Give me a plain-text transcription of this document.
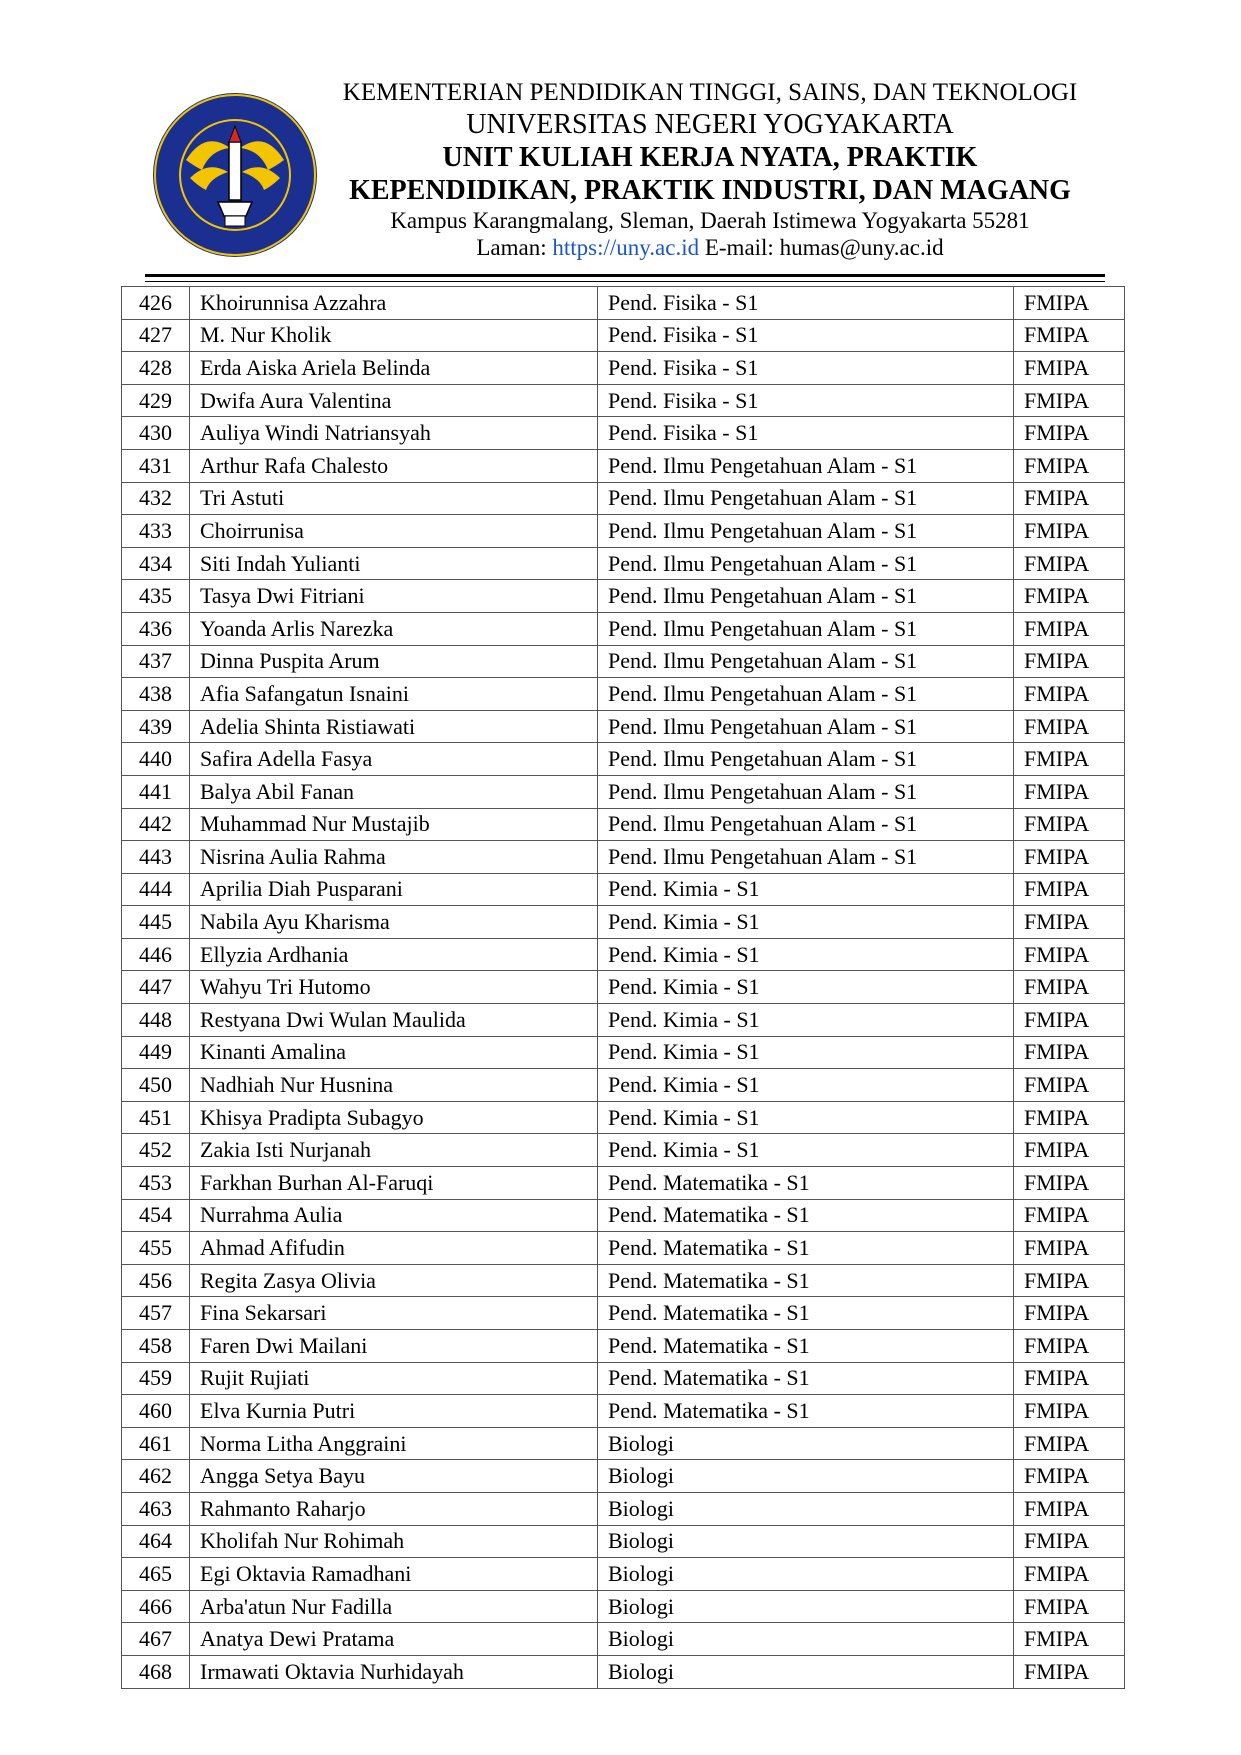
KEMENTERIAN PENDIDIKAN TINGGI, SAINS, DAN TEKNOLOGI
UNIVERSITAS NEGERI YOGYAKARTA
UNIT KULIAH KERJA NYATA, PRAKTIK
KEPENDIDIKAN, PRAKTIK INDUSTRI, DAN MAGANG
Kampus Karangmalang, Sleman, Daerah Istimewa Yogyakarta 55281
Laman: https://uny.ac.id E-mail: humas@uny.ac.id
426	Khoirunnisa Azzahra	Pend. Fisika - S1	FMIPA
427	M. Nur Kholik	Pend. Fisika - S1	FMIPA
428	Erda Aiska Ariela Belinda	Pend. Fisika - S1	FMIPA
429	Dwifa Aura Valentina	Pend. Fisika - S1	FMIPA
430	Auliya Windi Natriansyah	Pend. Fisika - S1	FMIPA
431	Arthur Rafa Chalesto	Pend. Ilmu Pengetahuan Alam - S1	FMIPA
432	Tri Astuti	Pend. Ilmu Pengetahuan Alam - S1	FMIPA
433	Choirrunisa	Pend. Ilmu Pengetahuan Alam - S1	FMIPA
434	Siti Indah Yulianti	Pend. Ilmu Pengetahuan Alam - S1	FMIPA
435	Tasya Dwi Fitriani	Pend. Ilmu Pengetahuan Alam - S1	FMIPA
436	Yoanda Arlis Narezka	Pend. Ilmu Pengetahuan Alam - S1	FMIPA
437	Dinna Puspita Arum	Pend. Ilmu Pengetahuan Alam - S1	FMIPA
438	Afia Safangatun Isnaini	Pend. Ilmu Pengetahuan Alam - S1	FMIPA
439	Adelia Shinta Ristiawati	Pend. Ilmu Pengetahuan Alam - S1	FMIPA
440	Safira Adella Fasya	Pend. Ilmu Pengetahuan Alam - S1	FMIPA
441	Balya Abil Fanan	Pend. Ilmu Pengetahuan Alam - S1	FMIPA
442	Muhammad Nur Mustajib	Pend. Ilmu Pengetahuan Alam - S1	FMIPA
443	Nisrina Aulia Rahma	Pend. Ilmu Pengetahuan Alam - S1	FMIPA
444	Aprilia Diah Pusparani	Pend. Kimia - S1	FMIPA
445	Nabila Ayu Kharisma	Pend. Kimia - S1	FMIPA
446	Ellyzia Ardhania	Pend. Kimia - S1	FMIPA
447	Wahyu Tri Hutomo	Pend. Kimia - S1	FMIPA
448	Restyana Dwi Wulan Maulida	Pend. Kimia - S1	FMIPA
449	Kinanti Amalina	Pend. Kimia - S1	FMIPA
450	Nadhiah Nur Husnina	Pend. Kimia - S1	FMIPA
451	Khisya Pradipta Subagyo	Pend. Kimia - S1	FMIPA
452	Zakia Isti Nurjanah	Pend. Kimia - S1	FMIPA
453	Farkhan Burhan Al-Faruqi	Pend. Matematika - S1	FMIPA
454	Nurrahma Aulia	Pend. Matematika - S1	FMIPA
455	Ahmad Afifudin	Pend. Matematika - S1	FMIPA
456	Regita Zasya Olivia	Pend. Matematika - S1	FMIPA
457	Fina Sekarsari	Pend. Matematika - S1	FMIPA
458	Faren Dwi Mailani	Pend. Matematika - S1	FMIPA
459	Rujit Rujiati	Pend. Matematika - S1	FMIPA
460	Elva Kurnia Putri	Pend. Matematika - S1	FMIPA
461	Norma Litha Anggraini	Biologi	FMIPA
462	Angga Setya Bayu	Biologi	FMIPA
463	Rahmanto Raharjo	Biologi	FMIPA
464	Kholifah Nur Rohimah	Biologi	FMIPA
465	Egi Oktavia Ramadhani	Biologi	FMIPA
466	Arba'atun Nur Fadilla	Biologi	FMIPA
467	Anatya Dewi Pratama	Biologi	FMIPA
468	Irmawati Oktavia Nurhidayah	Biologi	FMIPA
